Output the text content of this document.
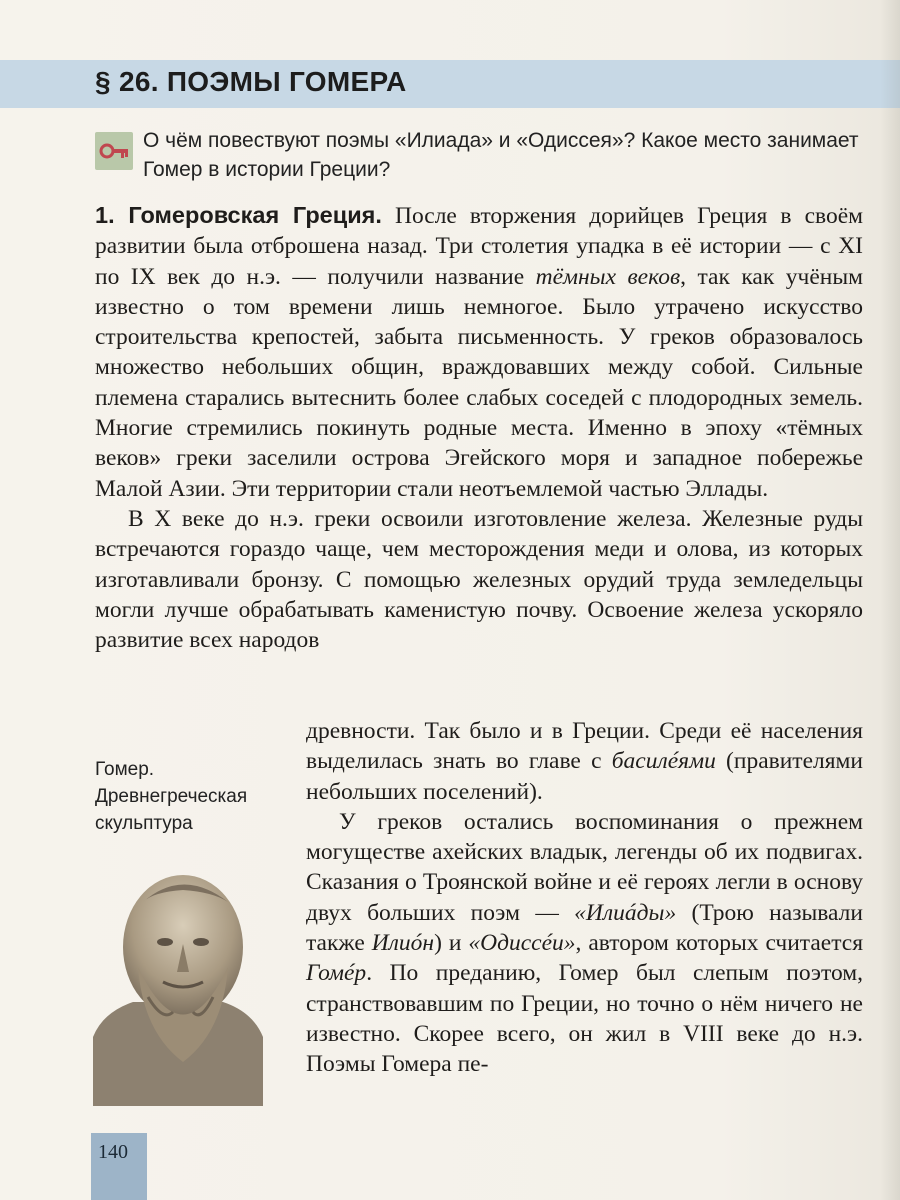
§ 26. ПОЭМЫ ГОМЕРА
О чём повествуют поэмы «Илиада» и «Одиссея»? Какое место занимает Гомер в истории Греции?

1. Гомеровская Греция. После вторжения дорийцев Греция в своём развитии была отброшена назад. Три столетия упадка в её истории — с XI по IX век до н.э. — получили название тёмных веков, так как учёным известно о том времени лишь немногое. Было утрачено искусство строительства крепостей, забыта письменность. У греков образовалось множество небольших общин, враждовавших между собой. Сильные племена старались вытеснить более слабых соседей с плодородных земель. Многие стремились покинуть родные места. Именно в эпоху «тёмных веков» греки заселили острова Эгейского моря и западное побережье Малой Азии. Эти территории стали неотъемлемой частью Эллады.

В X веке до н.э. греки освоили изготовление железа. Железные руды встречаются гораздо чаще, чем месторождения меди и олова, из которых изготавливали бронзу. С помощью железных орудий труда земледельцы могли лучше обрабатывать каменистую почву. Освоение железа ускоряло развитие всех народов

древности. Так было и в Греции. Среди её населения выделилась знать во главе с басилéями (правителями небольших поселений).

У греков остались воспоминания о прежнем могуществе ахейских владык, легенды об их подвигах. Сказания о Троянской войне и её героях легли в основу двух больших поэм — «Илиáды» (Трою называли также Илиóн) и «Одиссéи», автором которых считается Гомéр. По преданию, Гомер был слепым поэтом, странствовавшим по Греции, но точно о нём ничего не известно. Скорее всего, он жил в VIII веке до н.э. Поэмы Гомера пе-

Гомер.
Древнегреческая
скульптура
140
